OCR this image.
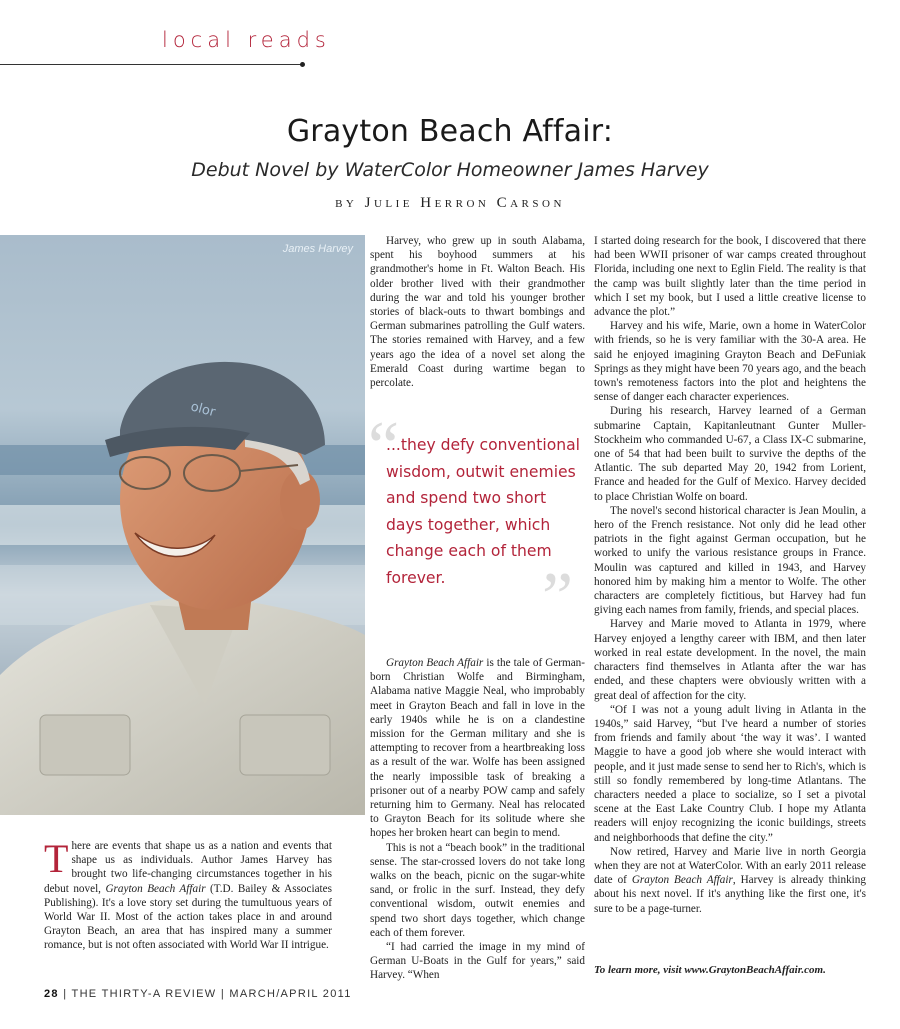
local reads
Grayton Beach Affair:
Debut Novel by WaterColor Homeowner James Harvey
by Julie Herron Carson
olor
James Harvey

Harvey, who grew up in south Alabama, spent his boyhood summers at his grandmother's home in Ft. Walton Beach. His older brother lived with their grandmother during the war and told his younger brother stories of black-outs to thwart bombings and German submarines patrolling the Gulf waters. The stories remained with Harvey, and a few years ago the idea of a novel set along the Emerald Coast during wartime began to percolate.

“
...they defy conventional wisdom, outwit enemies and spend two short days together, which change each of them forever.	”

Grayton Beach Affair is the tale of German-born Christian Wolfe and Birmingham, Alabama native Maggie Neal, who improbably meet in Grayton Beach and fall in love in the early 1940s while he is on a clandestine mission for the German military and she is attempting to recover from a heartbreaking loss as a result of the war. Wolfe has been assigned the nearly impossible task of breaking a prisoner out of a nearby POW camp and safely returning him to Germany. Neal has relocated to Grayton Beach for its solitude where she hopes her broken heart can begin to mend.

This is not a “beach book” in the traditional sense. The star-crossed lovers do not take long walks on the beach, picnic on the sugar-white sand, or frolic in the surf. Instead, they defy conventional wisdom, outwit enemies and spend two short days together, which change each of them forever.

“I had carried the image in my mind of German U-Boats in the Gulf for years,” said Harvey. “When

There are events that shape us as a nation and events that shape us as individuals. Author James Harvey has brought two life-changing circumstances together in his debut novel, Grayton Beach Affair (T.D. Bailey & Associates Publishing). It's a love story set during the tumultuous years of World War II. Most of the action takes place in and around Grayton Beach, an area that has inspired many a summer romance, but is not often associated with World War II intrigue.

I started doing research for the book, I discovered that there had been WWII prisoner of war camps created throughout Florida, including one next to Eglin Field. The reality is that the camp was built slightly later than the time period in which I set my book, but I used a little creative license to advance the plot.”

Harvey and his wife, Marie, own a home in WaterColor with friends, so he is very familiar with the 30-A area. He said he enjoyed imagining Grayton Beach and DeFuniak Springs as they might have been 70 years ago, and the beach town's remoteness factors into the plot and heightens the sense of danger each character experiences.

During his research, Harvey learned of a German submarine Captain, Kapitanleutnant Gunter Muller-Stockheim who commanded U-67, a Class IX-C submarine, one of 54 that had been built to survive the depths of the Atlantic. The sub departed May 20, 1942 from Lorient, France and headed for the Gulf of Mexico. Harvey decided to place Christian Wolfe on board.

The novel's second historical character is Jean Moulin, a hero of the French resistance. Not only did he lead other patriots in the fight against German occupation, but he worked to unify the various resistance groups in France. Moulin was captured and killed in 1943, and Harvey honored him by making him a mentor to Wolfe. The other characters are completely fictitious, but Harvey had fun giving each names from family, friends, and special places.

Harvey and Marie moved to Atlanta in 1979, where Harvey enjoyed a lengthy career with IBM, and then later worked in real estate development. In the novel, the main characters find themselves in Atlanta after the war has ended, and these chapters were obviously written with a great deal of affection for the city.

“Of I was not a young adult living in Atlanta in the 1940s,” said Harvey, “but I've heard a number of stories from friends and family about ‘the way it was’. I wanted Maggie to have a good job where she would interact with people, and it just made sense to send her to Rich's, which is still so fondly remembered by long-time Atlantans. The characters needed a place to socialize, so I set a pivotal scene at the East Lake Country Club. I hope my Atlanta readers will enjoy recognizing the iconic buildings, streets and neighborhoods that define the city.”

Now retired, Harvey and Marie live in north Georgia when they are not at WaterColor. With an early 2011 release date of Grayton Beach Affair, Harvey is already thinking about his next novel. If it's anything like the first one, it's sure to be a page-turner.

To learn more, visit www.GraytonBeachAffair.com.
28 | THE THIRTY-A REVIEW | MARCH/APRIL 2011
